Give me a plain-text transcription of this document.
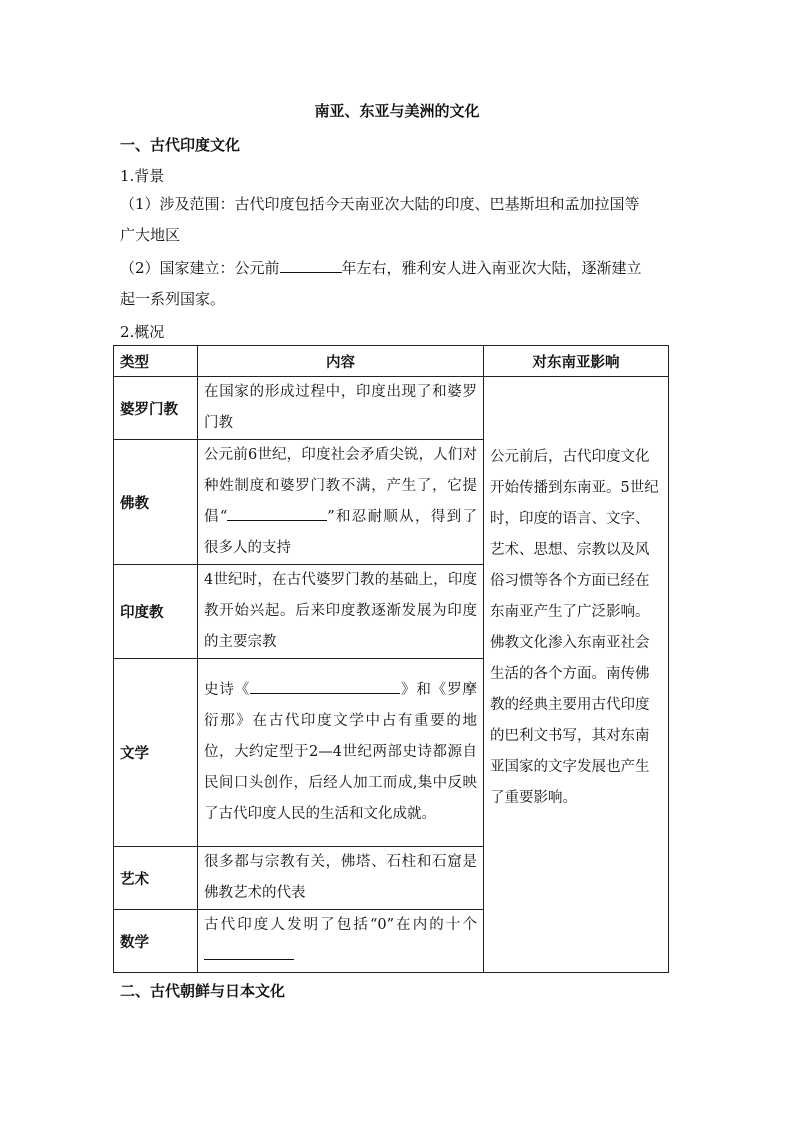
南亚、东亚与美洲的文化
一、古代印度文化
1.背景
（1）涉及范围：古代印度包括今天南亚次大陆的印度、巴基斯坦和孟加拉国等
广大地区
（2）国家建立：公元前	年左右，雅利安人进入南亚次大陆，逐渐建立
起一系列国家。
2.概况
类型	内容	对东南亚影响
婆罗门教	在国家的形成过程中，印度出现了和婆罗门教	公元前后，古代印度文化开始传播到东南亚。5世纪时，印度的语言、文字、艺术、思想、宗教以及风俗习惯等各个方面已经在东南亚产生了广泛影响。佛教文化渗入东南亚社会生活的各个方面。南传佛教的经典主要用古代印度的巴利文书写，其对东南亚国家的文字发展也产生了重要影响。
佛教	公元前6世纪，印度社会矛盾尖锐，人们对种姓制度和婆罗门教不满，产生了，它提倡“ ”和忍耐顺从，得到了很多人的支持	
印度教	4世纪时，在古代婆罗门教的基础上，印度教开始兴起。后来印度教逐渐发展为印度的主要宗教	
文学	史诗《 》和《罗摩衍那》在古代印度文学中占有重要的地位，大约定型于2—4世纪两部史诗都源自民间口头创作，后经人加工而成,集中反映了古代印度人民的生活和文化成就。	
艺术	很多都与宗教有关，佛塔、石柱和石窟是佛教艺术的代表	
数学	古代印度人发明了包括“0”在内的十个	
二、古代朝鲜与日本文化
